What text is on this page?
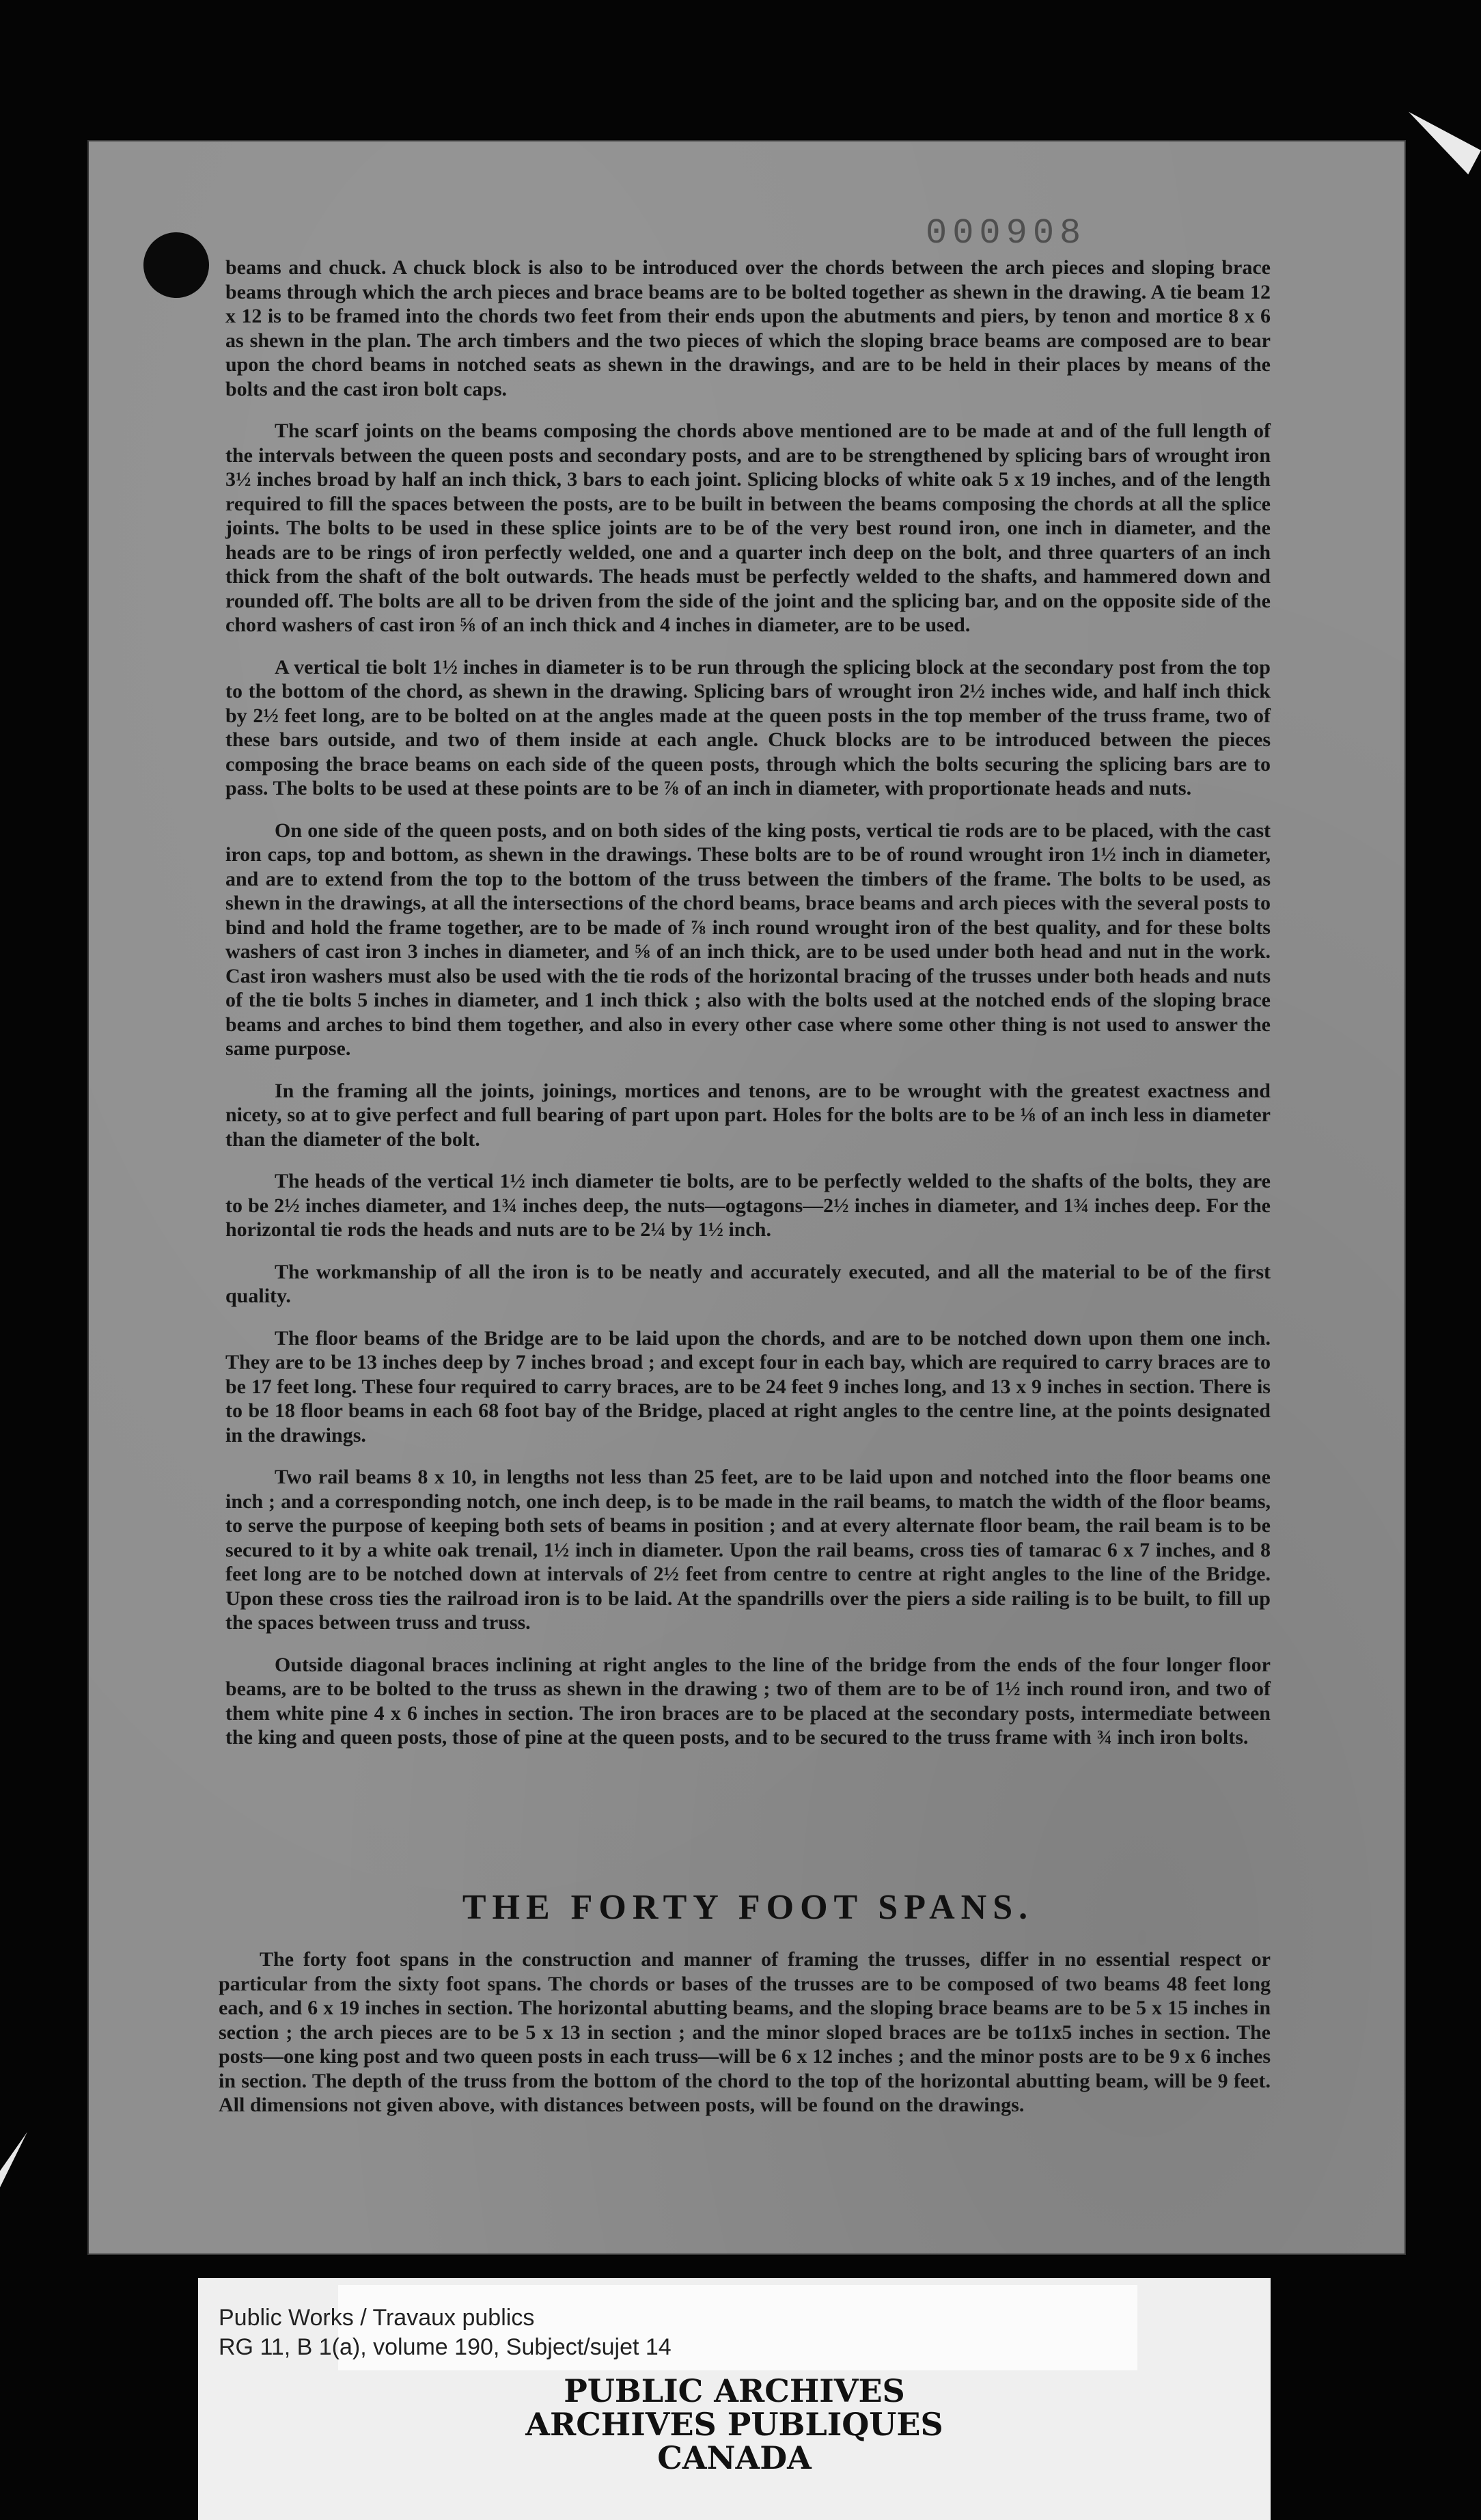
000908

beams and chuck. A chuck block is also to be introduced over the chords between the arch pieces and sloping brace beams through which the arch pieces and brace beams are to be bolted together as shewn in the drawing. A tie beam 12 x 12 is to be framed into the chords two feet from their ends upon the abutments and piers, by tenon and mortice 8 x 6 as shewn in the plan. The arch timbers and the two pieces of which the sloping brace beams are composed are to bear upon the chord beams in notched seats as shewn in the drawings, and are to be held in their places by means of the bolts and the cast iron bolt caps.

The scarf joints on the beams composing the chords above mentioned are to be made at and of the full length of the intervals between the queen posts and secondary posts, and are to be strengthened by splicing bars of wrought iron 3½ inches broad by half an inch thick, 3 bars to each joint. Splicing blocks of white oak 5 x 19 inches, and of the length required to fill the spaces between the posts, are to be built in between the beams composing the chords at all the splice joints. The bolts to be used in these splice joints are to be of the very best round iron, one inch in diameter, and the heads are to be rings of iron perfectly welded, one and a quarter inch deep on the bolt, and three quarters of an inch thick from the shaft of the bolt outwards. The heads must be perfectly welded to the shafts, and hammered down and rounded off. The bolts are all to be driven from the side of the joint and the splicing bar, and on the opposite side of the chord washers of cast iron ⅝ of an inch thick and 4 inches in diameter, are to be used.

A vertical tie bolt 1½ inches in diameter is to be run through the splicing block at the secondary post from the top to the bottom of the chord, as shewn in the drawing. Splicing bars of wrought iron 2½ inches wide, and half inch thick by 2½ feet long, are to be bolted on at the angles made at the queen posts in the top member of the truss frame, two of these bars outside, and two of them inside at each angle. Chuck blocks are to be introduced between the pieces composing the brace beams on each side of the queen posts, through which the bolts securing the splicing bars are to pass. The bolts to be used at these points are to be ⅞ of an inch in diameter, with proportionate heads and nuts.

On one side of the queen posts, and on both sides of the king posts, vertical tie rods are to be placed, with the cast iron caps, top and bottom, as shewn in the drawings. These bolts are to be of round wrought iron 1½ inch in diameter, and are to extend from the top to the bottom of the truss between the timbers of the frame. The bolts to be used, as shewn in the drawings, at all the intersections of the chord beams, brace beams and arch pieces with the several posts to bind and hold the frame together, are to be made of ⅞ inch round wrought iron of the best quality, and for these bolts washers of cast iron 3 inches in diameter, and ⅝ of an inch thick, are to be used under both head and nut in the work. Cast iron washers must also be used with the tie rods of the horizontal bracing of the trusses under both heads and nuts of the tie bolts 5 inches in diameter, and 1 inch thick ; also with the bolts used at the notched ends of the sloping brace beams and arches to bind them together, and also in every other case where some other thing is not used to answer the same purpose.

In the framing all the joints, joinings, mortices and tenons, are to be wrought with the greatest exactness and nicety, so at to give perfect and full bearing of part upon part. Holes for the bolts are to be ⅛ of an inch less in diameter than the diameter of the bolt.

The heads of the vertical 1½ inch diameter tie bolts, are to be perfectly welded to the shafts of the bolts, they are to be 2½ inches diameter, and 1¾ inches deep, the nuts—ogtagons—2½ inches in diameter, and 1¾ inches deep. For the horizontal tie rods the heads and nuts are to be 2¼ by 1½ inch.

The workmanship of all the iron is to be neatly and accurately executed, and all the material to be of the first quality.

The floor beams of the Bridge are to be laid upon the chords, and are to be notched down upon them one inch. They are to be 13 inches deep by 7 inches broad ; and except four in each bay, which are required to carry braces are to be 17 feet long. These four required to carry braces, are to be 24 feet 9 inches long, and 13 x 9 inches in section. There is to be 18 floor beams in each 68 foot bay of the Bridge, placed at right angles to the centre line, at the points designated in the drawings.

Two rail beams 8 x 10, in lengths not less than 25 feet, are to be laid upon and notched into the floor beams one inch ; and a corresponding notch, one inch deep, is to be made in the rail beams, to match the width of the floor beams, to serve the purpose of keeping both sets of beams in position ; and at every alternate floor beam, the rail beam is to be secured to it by a white oak trenail, 1½ inch in diameter. Upon the rail beams, cross ties of tamarac 6 x 7 inches, and 8 feet long are to be notched down at intervals of 2½ feet from centre to centre at right angles to the line of the Bridge. Upon these cross ties the railroad iron is to be laid. At the spandrills over the piers a side railing is to be built, to fill up the spaces between truss and truss.

Outside diagonal braces inclining at right angles to the line of the bridge from the ends of the four longer floor beams, are to be bolted to the truss as shewn in the drawing ; two of them are to be of 1½ inch round iron, and two of them white pine 4 x 6 inches in section. The iron braces are to be placed at the secondary posts, intermediate between the king and queen posts, those of pine at the queen posts, and to be secured to the truss frame with ¾ inch iron bolts.

THE FORTY FOOT SPANS.

The forty foot spans in the construction and manner of framing the trusses, differ in no essential respect or particular from the sixty foot spans. The chords or bases of the trusses are to be composed of two beams 48 feet long each, and 6 x 19 inches in section. The horizontal abutting beams, and the sloping brace beams are to be 5 x 15 inches in section ; the arch pieces are to be 5 x 13 in section ; and the minor sloped braces are be to11x5 inches in section. The posts—one king post and two queen posts in each truss—will be 6 x 12 inches ; and the minor posts are to be 9 x 6 inches in section. The depth of the truss from the bottom of the chord to the top of the horizontal abutting beam, will be 9 feet. All dimensions not given above, with distances between posts, will be found on the drawings.

Public Works / Travaux publics
RG 11, B 1(a), volume 190, Subject/sujet 14
PUBLIC ARCHIVES
ARCHIVES PUBLIQUES
CANADA
